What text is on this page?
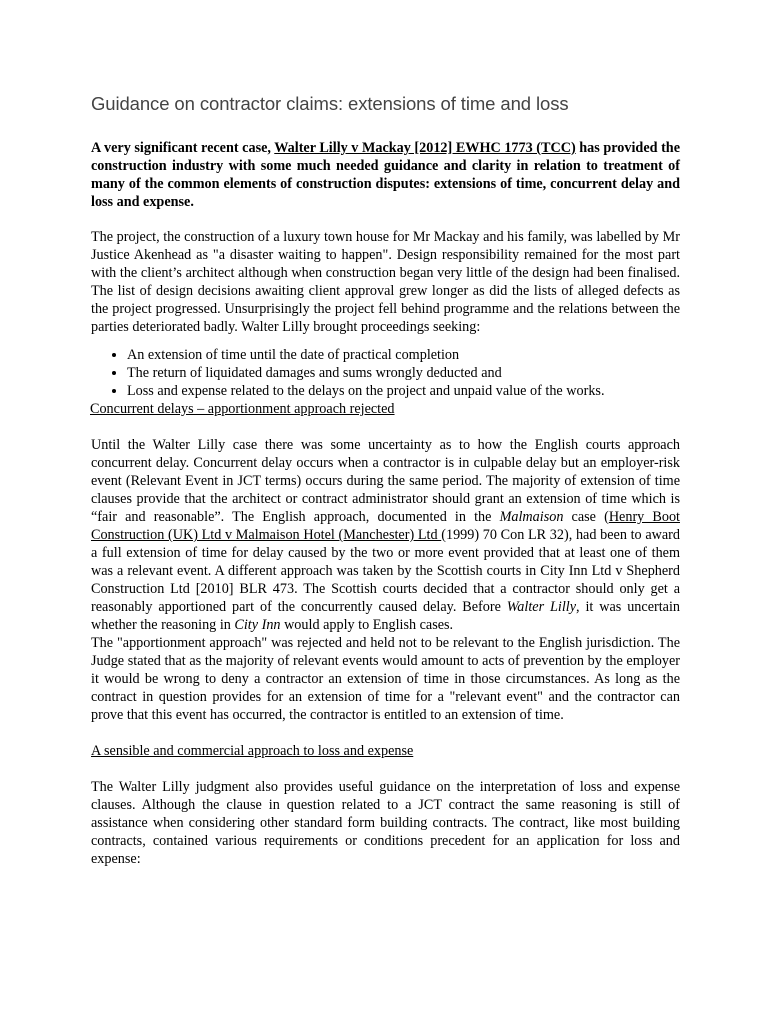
Guidance on contractor claims: extensions of time and loss

A very significant recent case, Walter Lilly v Mackay [2012] EWHC 1773 (TCC) has provided the construction industry with some much needed guidance and clarity in relation to treatment of many of the common elements of construction disputes: extensions of time, concurrent delay and loss and expense.

The project, the construction of a luxury town house for Mr Mackay and his family, was labelled by Mr Justice Akenhead as "a disaster waiting to happen". Design responsibility remained for the most part with the client’s architect although when construction began very little of the design had been finalised. The list of design decisions awaiting client approval grew longer as did the lists of alleged defects as the project progressed. Unsurprisingly the project fell behind programme and the relations between the parties deteriorated badly. Walter Lilly brought proceedings seeking:

• An extension of time until the date of practical completion
• The return of liquidated damages and sums wrongly deducted and
• Loss and expense related to the delays on the project and unpaid value of the works.
Concurrent delays – apportionment approach rejected

Until the Walter Lilly case there was some uncertainty as to how the English courts approach concurrent delay. Concurrent delay occurs when a contractor is in culpable delay but an employer-risk event (Relevant Event in JCT terms) occurs during the same period. The majority of extension of time clauses provide that the architect or contract administrator should grant an extension of time which is “fair and reasonable”. The English approach, documented in the Malmaison case (Henry Boot Construction (UK) Ltd v Malmaison Hotel (Manchester) Ltd (1999) 70 Con LR 32), had been to award a full extension of time for delay caused by the two or more event provided that at least one of them was a relevant event. A different approach was taken by the Scottish courts in City Inn Ltd v Shepherd Construction Ltd [2010] BLR 473. The Scottish courts decided that a contractor should only get a reasonably apportioned part of the concurrently caused delay. Before Walter Lilly, it was uncertain whether the reasoning in City Inn would apply to English cases.

The "apportionment approach" was rejected and held not to be relevant to the English jurisdiction. The Judge stated that as the majority of relevant events would amount to acts of prevention by the employer it would be wrong to deny a contractor an extension of time in those circumstances. As long as the contract in question provides for an extension of time for a "relevant event" and the contractor can prove that this event has occurred, the contractor is entitled to an extension of time.

A sensible and commercial approach to loss and expense

The Walter Lilly judgment also provides useful guidance on the interpretation of loss and expense clauses. Although the clause in question related to a JCT contract the same reasoning is still of assistance when considering other standard form building contracts. The contract, like most building contracts, contained various requirements or conditions precedent for an application for loss and expense:
